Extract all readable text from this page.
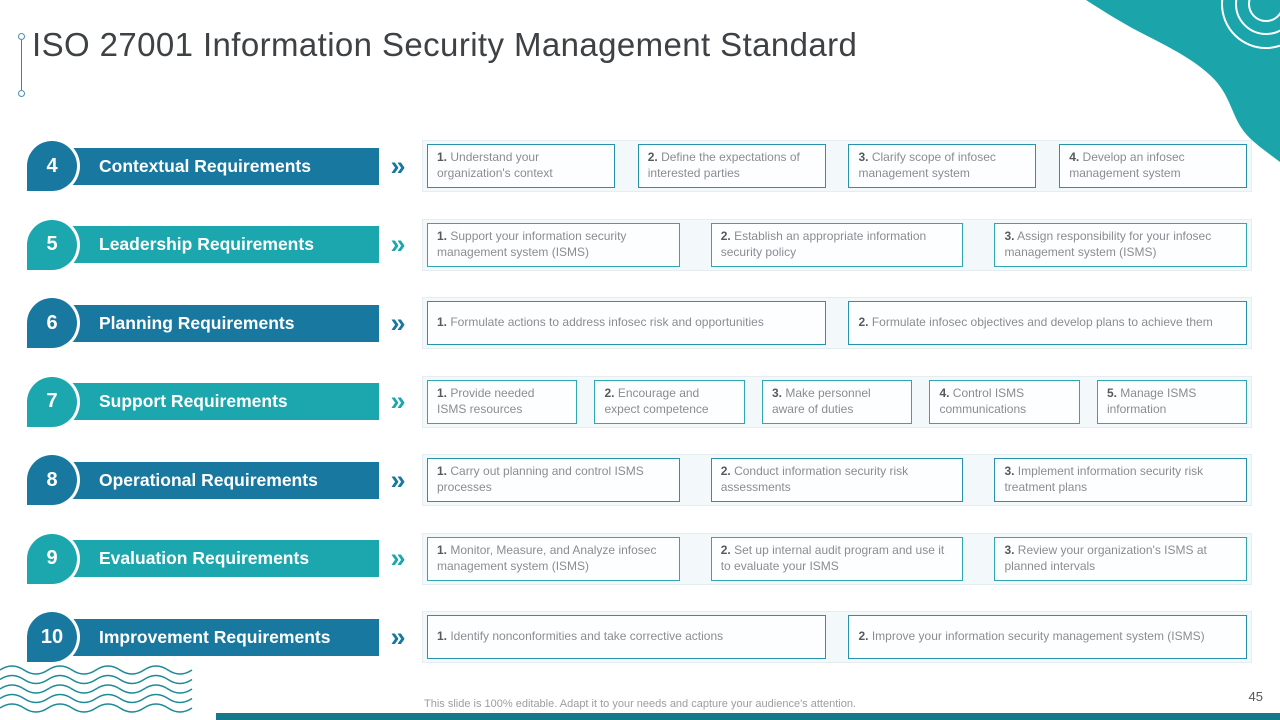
ISO 27001 Information Security Management Standard
4	Contextual Requirements	»	1. Understand your organization's context
2. Define the expectations of interested parties
3. Clarify scope of infosec management system
4. Develop an infosec management system
5	Leadership Requirements	»	1. Support your information security management system (ISMS)
2. Establish an appropriate information security policy
3. Assign responsibility for your infosec management system (ISMS)
6	Planning Requirements	»	1. Formulate actions to address infosec risk and opportunities	2. Formulate infosec objectives and develop plans to achieve them
7	Support Requirements	»	1. Provide needed ISMS resources
2. Encourage and expect competence
3. Make personnel aware of duties
4. Control ISMS communications
5. Manage ISMS information
8	Operational Requirements	»	1. Carry out planning and control ISMS processes
2. Conduct information security risk assessments
3. Implement information security risk treatment plans
9	Evaluation Requirements	»	1. Monitor, Measure, and Analyze infosec management system (ISMS)
2. Set up internal audit program and use it to evaluate your ISMS
3. Review your organization's ISMS at planned intervals
10	Improvement Requirements	»	1. Identify nonconformities and take corrective actions	2. Improve your information security management system (ISMS)
This slide is 100% editable. Adapt it to your needs and capture your audience's attention.	45
